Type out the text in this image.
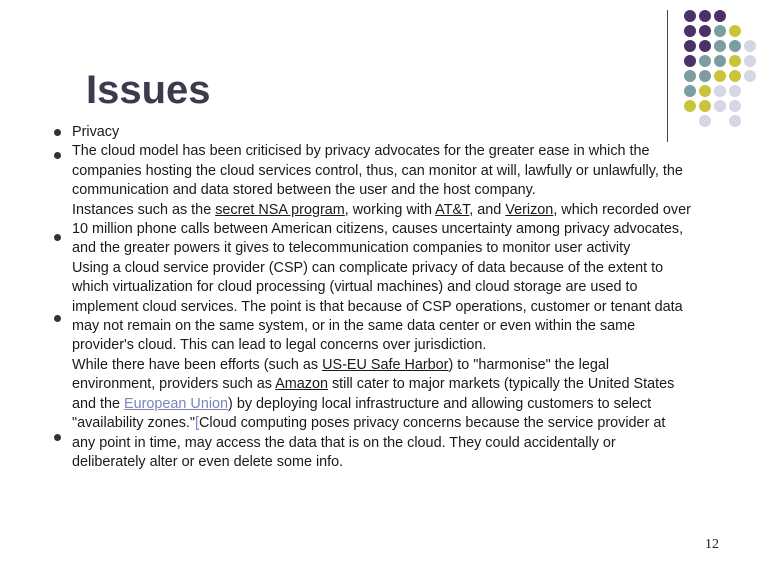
Issues

Privacy

The cloud model has been criticised by privacy advocates for the greater ease in which the companies hosting the cloud services control, thus, can monitor at will, lawfully or unlawfully, the communication and data stored between the user and the host company.

Instances such as the secret NSA program, working with AT&T, and Verizon, which recorded over 10 million phone calls between American citizens, causes uncertainty among privacy advocates, and the greater powers it gives to telecommunication companies to monitor user activity

Using a cloud service provider (CSP) can complicate privacy of data because of the extent to which virtualization for cloud processing (virtual machines) and cloud storage are used to implement cloud services. The point is that because of CSP operations, customer or tenant data may not remain on the same system, or in the same data center or even within the same provider's cloud. This can lead to legal concerns over jurisdiction.

While there have been efforts (such as US-EU Safe Harbor) to "harmonise" the legal environment, providers such as Amazon still cater to major markets (typically the United States and the European Union) by deploying local infrastructure and allowing customers to select "availability zones."[Cloud computing poses privacy concerns because the service provider at any point in time, may access the data that is on the cloud. They could accidentally or deliberately alter or even delete some info.

12
